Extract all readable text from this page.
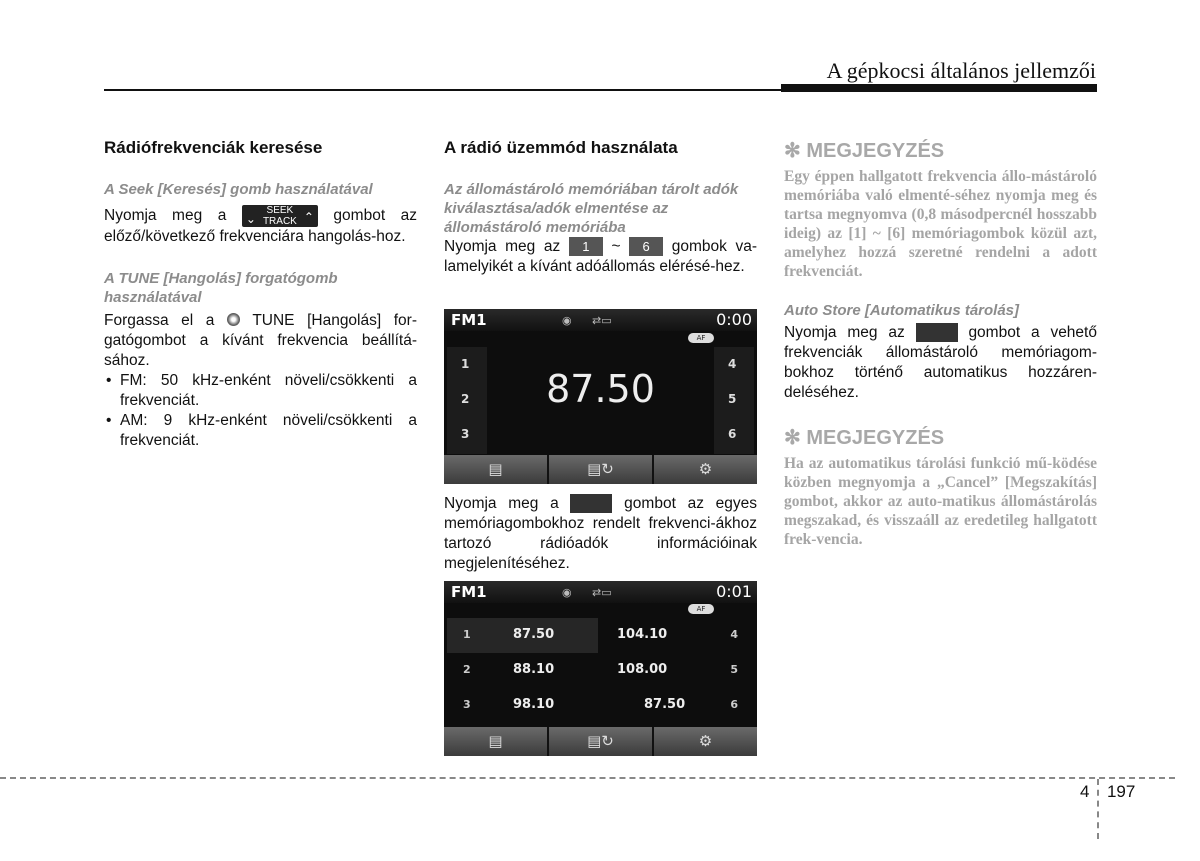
A gépkocsi általános jellemzői

Rádiófrekvenciák keresése

A Seek [Keresés] gomb használatával

Nyomja meg a ⌄
SEEK
TRACK ⌃ gombot az előző/következő frekvenciára hangolás-hoz.

A TUNE [Hangolás] forgatógomb használatával

Forgassa el a TUNE [Hangolás] for-gatógombot a kívánt frekvencia beállítá-sához.

• FM: 50 kHz-enként növeli/csökkenti a frekvenciát.
• AM: 9 kHz-enként növeli/csökkenti a frekvenciát.

A rádió üzemmód használata

Az állomástároló memóriában tárolt adók kiválasztása/adók elmentése az állomástároló memóriába

Nyomja meg az 1 ~ 6 gombok va-lamelyikét a kívánt adóállomás elérésé-hez.

FM1	◉ ⇄▭	0:00
AF
1
2
3
87.50
4
5
6
▤	▤↻	⚙

Nyomja meg a	gombot az egyes memóriagombokhoz rendelt frekvenci-ákhoz tartozó rádióadók információinak megjelenítéséhez.

FM1	◉ ⇄▭	0:01
AF
1	87.50	104.10	4
2	88.10	108.00	5
3	98.10	87.50	6
▤	▤↻	⚙

✻ MEGJEGYZÉS

Egy éppen hallgatott frekvencia állo-mástároló memóriába való elmenté-séhez nyomja meg és tartsa megnyomva (0,8 másodpercnél hosszabb ideig) az [1] ~ [6] memóriagombok közül azt, amelyhez hozzá szeretné rendelni a adott frekvenciát.

Auto Store [Automatikus tárolás]

Nyomja meg az	gombot a vehető frekvenciák állomástároló memóriagom-bokhoz történő automatikus hozzáren-deléséhez.

✻ MEGJEGYZÉS

Ha az automatikus tárolási funkció mű-ködése közben megnyomja a „Cancel” [Megszakítás] gombot, akkor az auto-matikus állomástárolás megszakad, és visszaáll az eredetileg hallgatott frek-vencia.

4 197
